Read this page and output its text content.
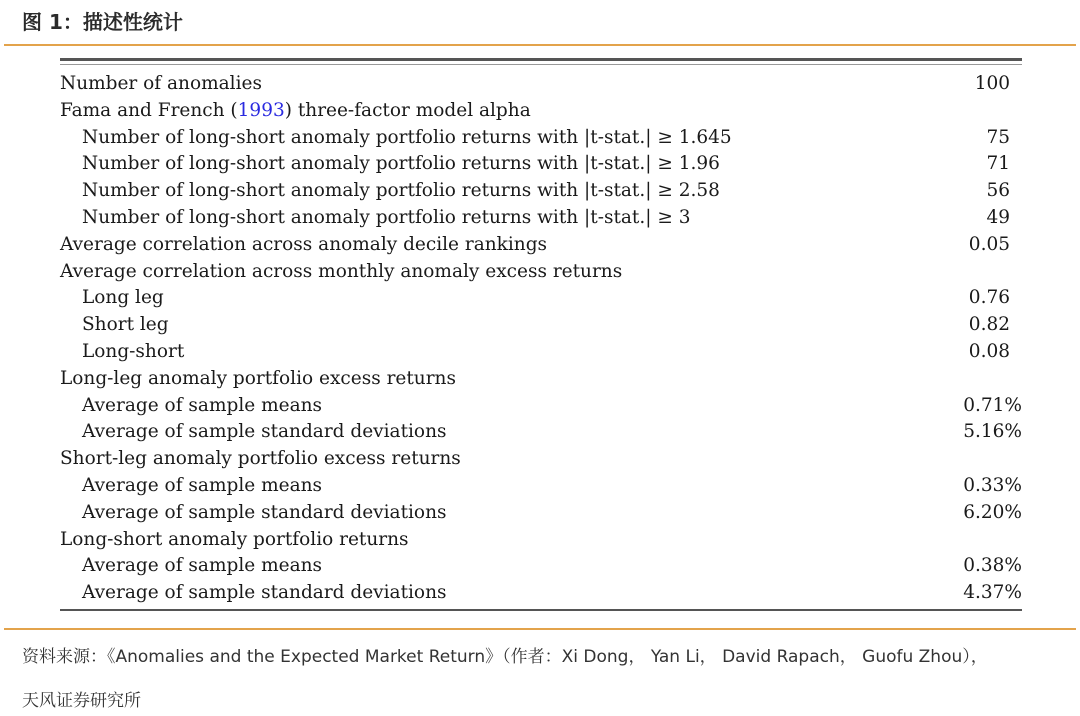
图 1：描述性统计
Number of anomalies	100
Fama and French (1993) three-factor model alpha
Number of long-short anomaly portfolio returns with |t-stat.| ≥ 1.645	75
Number of long-short anomaly portfolio returns with |t-stat.| ≥ 1.96	71
Number of long-short anomaly portfolio returns with |t-stat.| ≥ 2.58	56
Number of long-short anomaly portfolio returns with |t-stat.| ≥ 3	49
Average correlation across anomaly decile rankings	0.05
Average correlation across monthly anomaly excess returns
Long leg	0.76
Short leg	0.82
Long-short	0.08
Long-leg anomaly portfolio excess returns
Average of sample means	0.71%
Average of sample standard deviations	5.16%
Short-leg anomaly portfolio excess returns
Average of sample means	0.33%
Average of sample standard deviations	6.20%
Long-short anomaly portfolio returns
Average of sample means	0.38%
Average of sample standard deviations	4.37%
资料来源：《Anomalies and the Expected Market Return》（作者：Xi Dong， Yan Li， David Rapach， Guofu Zhou），
天风证券研究所
